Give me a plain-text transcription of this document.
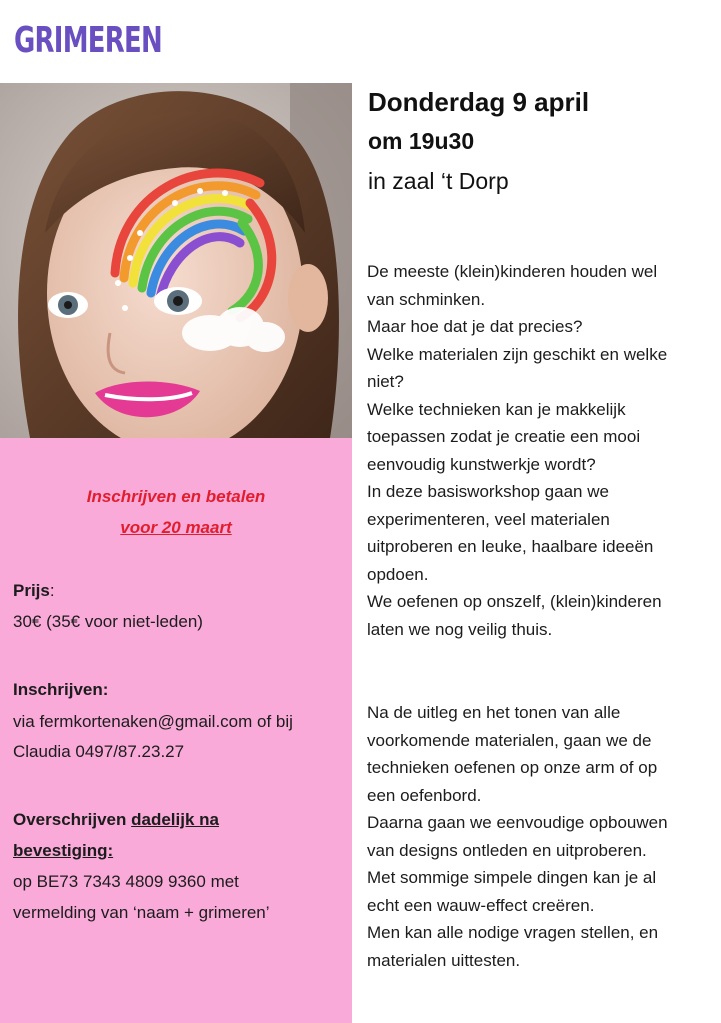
GRIMEREN
Inschrijven en betalen
voor 20 maart
Prijs:
30€ (35€ voor niet-leden)
Inschrijven:
via fermkortenaken@gmail.com of bij
Claudia 0497/87.23.27
Overschrijven dadelijk na
bevestiging:
op BE73 7343 4809 9360 met
vermelding van ‘naam + grimeren’
Donderdag 9 april
om 19u30
in zaal ‘t Dorp

De meeste (klein)kinderen houden wel

van schminken.

Maar hoe dat je dat precies?

Welke materialen zijn geschikt en welke

niet?

Welke technieken kan je makkelijk

toepassen zodat je creatie een mooi

eenvoudig kunstwerkje wordt?

In deze basisworkshop gaan we

experimenteren, veel materialen

uitproberen en leuke, haalbare ideeën

opdoen.

We oefenen op onszelf, (klein)kinderen

laten we nog veilig thuis.

Na de uitleg en het tonen van alle

voorkomende materialen, gaan we de

technieken oefenen op onze arm of op

een oefenbord.

Daarna gaan we eenvoudige opbouwen

van designs ontleden en uitproberen.

Met sommige simpele dingen kan je al

echt een wauw-effect creëren.

Men kan alle nodige vragen stellen, en

materialen uittesten.
